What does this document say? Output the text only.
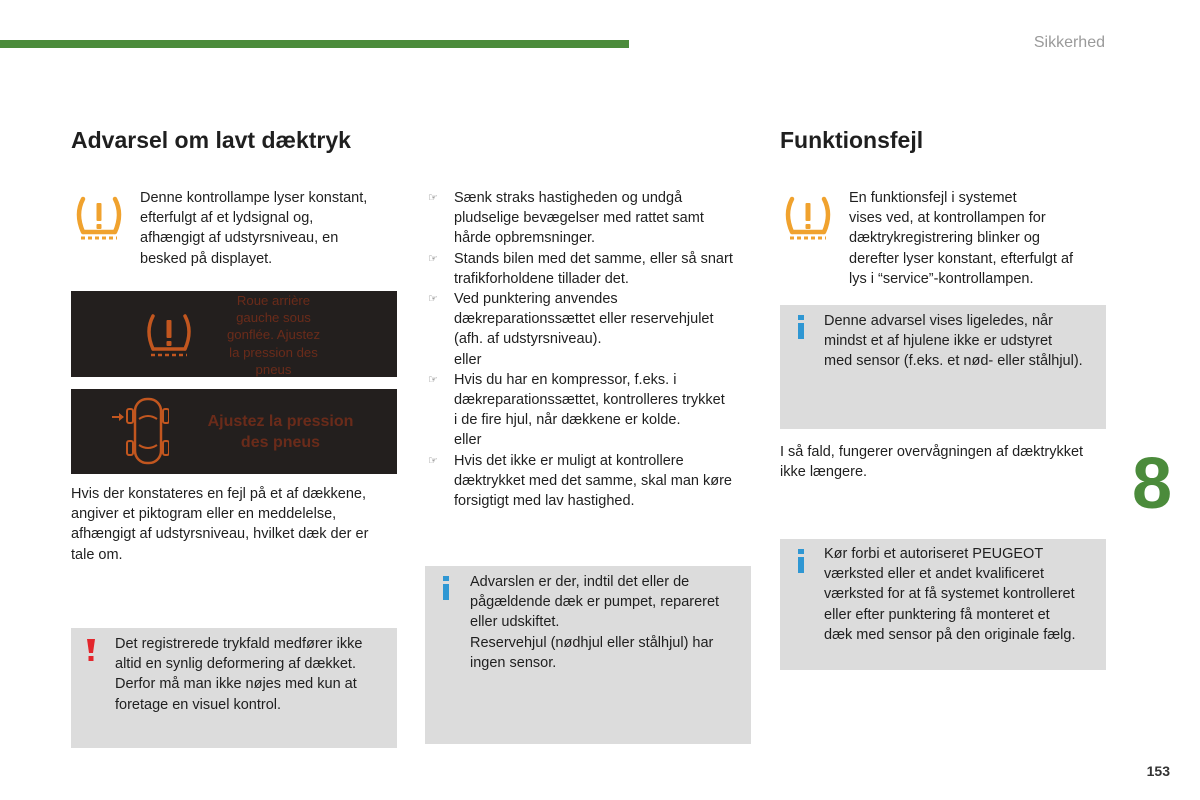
Sikkerhed
Advarsel om lavt dæktryk

Denne kontrollampe lyser konstant,

efterfulgt af et lydsignal og,

afhængigt af udstyrsniveau, en

besked på displayet.

Roue arrière
gauche sous
gonflée. Ajustez
la pression des
pneus
Ajustez la pression
des pneus

Hvis der konstateres en fejl på et af dækkene,

angiver et piktogram eller en meddelelse,

afhængigt af udstyrsniveau, hvilket dæk der er

tale om.

Det registrerede trykfald medfører ikke

altid en synlig deformering af dækket.

Derfor må man ikke nøjes med kun at

foretage en visuel kontrol.

☞ Sænk straks hastigheden og undgå

pludselige bevægelser med rattet samt

hårde opbremsninger.

☞ Stands bilen med det samme, eller så snart

trafikforholdene tillader det.

☞ Ved punktering anvendes

dækreparationssættet eller reservehjulet

(afh. af udstyrsniveau).

eller

☞ Hvis du har en kompressor, f.eks. i

dækreparationssættet, kontrolleres trykket

i de fire hjul, når dækkene er kolde.

eller

☞ Hvis det ikke er muligt at kontrollere

dæktrykket med det samme, skal man køre

forsigtigt med lav hastighed.

Advarslen er der, indtil det eller de

pågældende dæk er pumpet, repareret

eller udskiftet.

Reservehjul (nødhjul eller stålhjul) har

ingen sensor.

Funktionsfejl

En funktionsfejl i systemet

vises ved, at kontrollampen for

dæktrykregistrering blinker og

derefter lyser konstant, efterfulgt af

lys i “service”-kontrollampen.

Denne advarsel vises ligeledes, når

mindst et af hjulene ikke er udstyret

med sensor (f.eks. et nød- eller stålhjul).

I så fald, fungerer overvågningen af dæktrykket

ikke længere.

Kør forbi et autoriseret PEUGEOT

værksted eller et andet kvalificeret

værksted for at få systemet kontrolleret

eller efter punktering få monteret et

dæk med sensor på den originale fælg.

8
153
